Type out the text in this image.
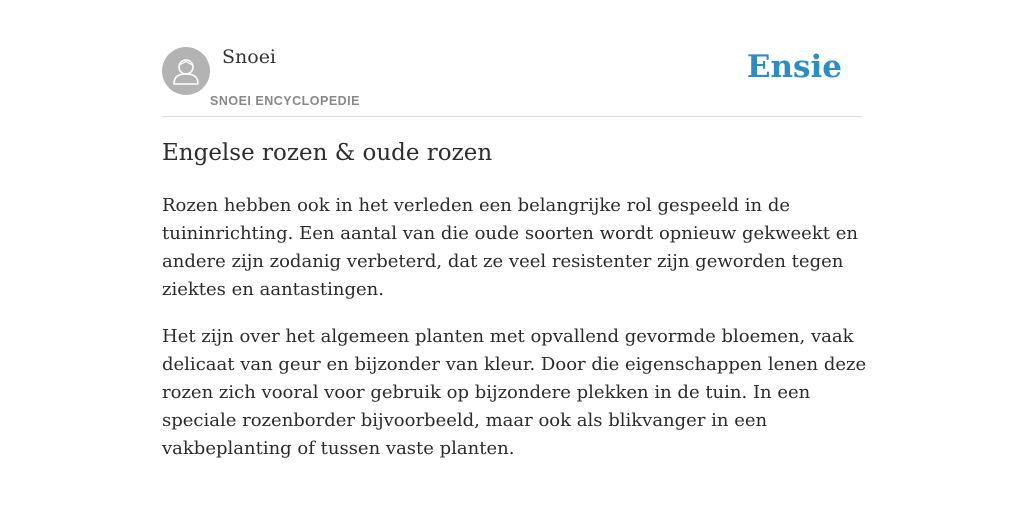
Snoei
SNOEI ENCYCLOPEDIE
Ensie
Engelse rozen & oude rozen

Rozen hebben ook in het verleden een belangrijke rol gespeeld in de tuininrichting. Een aantal van die oude soorten wordt opnieuw gekweekt en andere zijn zodanig verbeterd, dat ze veel resistenter zijn geworden tegen ziektes en aantastingen.

Het zijn over het algemeen planten met opvallend gevormde bloemen, vaak delicaat van geur en bijzonder van kleur. Door die eigenschappen lenen deze rozen zich vooral voor gebruik op bijzondere plekken in de tuin. In een speciale rozenborder bijvoorbeeld, maar ook als blikvanger in een vakbeplanting of tussen vaste planten.
